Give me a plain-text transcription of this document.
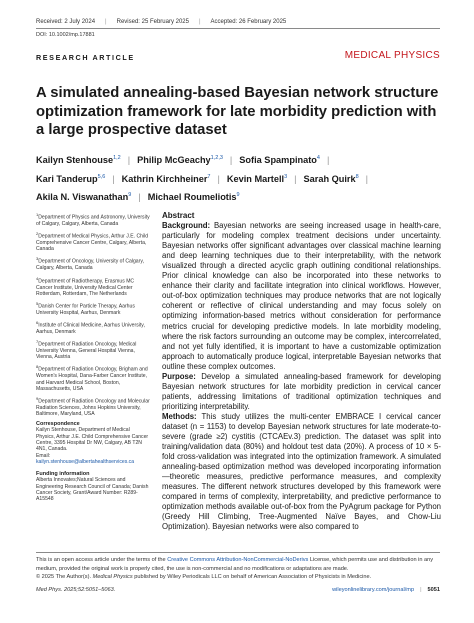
Received: 2 July 2024 | Revised: 25 February 2025 | Accepted: 26 February 2025
DOI: 10.1002/mp.17881
RESEARCH ARTICLE	MEDICAL PHYSICS
A simulated annealing-based Bayesian network structure optimization framework for late morbidity prediction with a large prospective dataset
Kailyn Stenhouse$^{1,2}$ | Philip McGeachy$^{1,2,3}$ | Sofia Spampinato$^4$ |
Kari Tanderup$^{5,6}$ | Kathrin Kirchheiner$^7$ | Kevin Martell$^3$ | Sarah Quirk$^8$ |
Akila N. Viswanathan$^9$ | Michael Roumeliotis$^9$

$^1$Department of Physics and Astronomy, University of Calgary, Calgary, Alberta, Canada

$^2$Department of Medical Physics, Arthur J.E. Child Comprehensive Cancer Centre, Calgary, Alberta, Canada

$^3$Department of Oncology, University of Calgary, Calgary, Alberta, Canada

$^4$Department of Radiotherapy, Erasmus MC Cancer Institute, University Medical Center Rotterdam, Rotterdam, The Netherlands

$^5$Danish Center for Particle Therapy, Aarhus University Hospital, Aarhus, Denmark

$^6$Institute of Clinical Medicine, Aarhus University, Aarhus, Denmark

$^7$Department of Radiation Oncology, Medical University Vienna, General Hospital Vienna, Vienna, Austria

$^8$Department of Radiation Oncology, Brigham and Women's Hospital, Dana-Farber Cancer Institute, and Harvard Medical School, Boston, Massachusetts, USA

$^9$Department of Radiation Oncology and Molecular Radiation Sciences, Johns Hopkins University, Baltimore, Maryland, USA

Correspondence

Kailyn Stenhouse, Department of Medical Physics, Arthur J.E. Child Comprehensive Cancer Centre, 3395 Hospital Dr NW, Calgary, AB T2N 4N1, Canada.
Email:
kailyn.stenhouse@albertahealthservices.ca

Funding information

Alberta Innovates;Natural Sciences and Engineering Research Council of Canada; Danish Cancer Society, Grant/Award Number: R289-A15548

Abstract

Background: Bayesian networks are seeing increased usage in health-care, particularly for modeling complex treatment decisions under uncertainty. Bayesian networks offer significant advantages over classical machine learning and deep learning techniques due to their interpretability, with the network visualized through a directed acyclic graph outlining conditional relationships. Prior clinical knowledge can also be incorporated into these networks to enhance their clarity and facilitate integration into clinical workflows. However, out-of-box optimization techniques may produce networks that are not logically coherent or reflective of clinical understanding and may focus solely on optimizing information-based metrics without consideration for performance metrics crucial for developing predictive models. In late morbidity modeling, where the risk factors surrounding an outcome may be complex, intercorrelated, and not yet fully identified, it is important to have a customizable optimization approach to automatically produce logical, interpretable Bayesian networks that outline these complex outcomes.

Purpose: Develop a simulated annealing-based framework for developing Bayesian network structures for late morbidity prediction in cervical cancer patients, addressing limitations of traditional optimization techniques and prioritizing interpretability.

Methods: This study utilizes the multi-center EMBRACE I cervical cancer dataset (n = 1153) to develop Bayesian network structures for late moderate-to-severe (grade ≥2) cystitis (CTCAEv.3) prediction. The dataset was split into training/validation data (80%) and holdout test data (20%). A process of 10 × 5-fold cross-validation was integrated into the optimization framework. A simulated annealing-based optimization method was developed incorporating information—theoretic measures, predictive performance measures, and complexity measures. The different network structures developed by this framework were compared in terms of complexity, interpretability, and predictive performance to optimization methods available out-of-box from the PyAgrum package for Python (Greedy Hill Climbing, Tree-Augmented Naïve Bayes, and Chow-Liu Optimization). Bayesian networks were also compared to

This is an open access article under the terms of the Creative Commons Attribution-NonCommercial-NoDerivs License, which permits use and distribution in any medium, provided the original work is properly cited, the use is non-commercial and no modifications or adaptations are made.
© 2025 The Author(s). Medical Physics published by Wiley Periodicals LLC on behalf of American Association of Physicists in Medicine.
Med Phys. 2025;52:5051–5063.	wileyonlinelibrary.com/journal/mp | 5051
